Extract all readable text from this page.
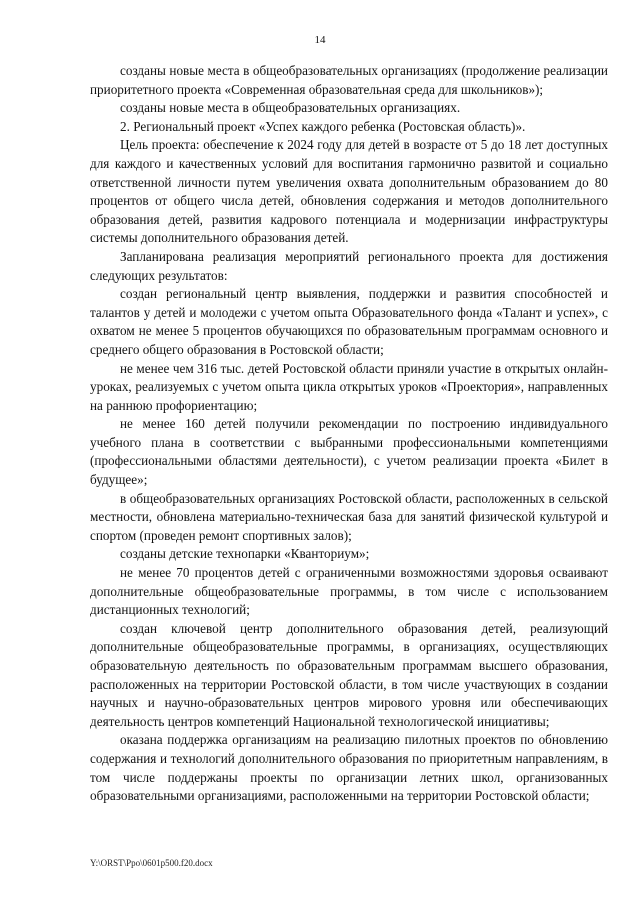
14

созданы новые места в общеобразовательных организациях (продолжение реализации приоритетного проекта «Современная образовательная среда для школьников»);

созданы новые места в общеобразовательных организациях.

2. Региональный проект «Успех каждого ребенка (Ростовская область)».

Цель проекта: обеспечение к 2024 году для детей в возрасте от 5 до 18 лет доступных для каждого и качественных условий для воспитания гармонично развитой и социально ответственной личности путем увеличения охвата дополнительным образованием до 80 процентов от общего числа детей, обновления содержания и методов дополнительного образования детей, развития кадрового потенциала и модернизации инфраструктуры системы дополнительного образования детей.

Запланирована реализация мероприятий регионального проекта для достижения следующих результатов:

создан региональный центр выявления, поддержки и развития способностей и талантов у детей и молодежи с учетом опыта Образовательного фонда «Талант и успех», с охватом не менее 5 процентов обучающихся по образовательным программам основного и среднего общего образования в Ростовской области;

не менее чем 316 тыс. детей Ростовской области приняли участие в открытых онлайн-уроках, реализуемых с учетом опыта цикла открытых уроков «Проектория», направленных на раннюю профориентацию;

не менее 160 детей получили рекомендации по построению индивидуального учебного плана в соответствии с выбранными профессиональными компетенциями (профессиональными областями деятельности), с учетом реализации проекта «Билет в будущее»;

в общеобразовательных организациях Ростовской области, расположенных в сельской местности, обновлена материально-техническая база для занятий физической культурой и спортом (проведен ремонт спортивных залов);

созданы детские технопарки «Кванториум»;

не менее 70 процентов детей с ограниченными возможностями здоровья осваивают дополнительные общеобразовательные программы, в том числе с использованием дистанционных технологий;

создан ключевой центр дополнительного образования детей, реализующий дополнительные общеобразовательные программы, в организациях, осуществляющих образовательную деятельность по образовательным программам высшего образования, расположенных на территории Ростовской области, в том числе участвующих в создании научных и научно-образовательных центров мирового уровня или обеспечивающих деятельность центров компетенций Национальной технологической инициативы;

оказана поддержка организациям на реализацию пилотных проектов по обновлению содержания и технологий дополнительного образования по приоритетным направлениям, в том числе поддержаны проекты по организации летних школ, организованных образовательными организациями, расположенными на территории Ростовской области;

Y:\ORST\Ppo\0601p500.f20.docx
